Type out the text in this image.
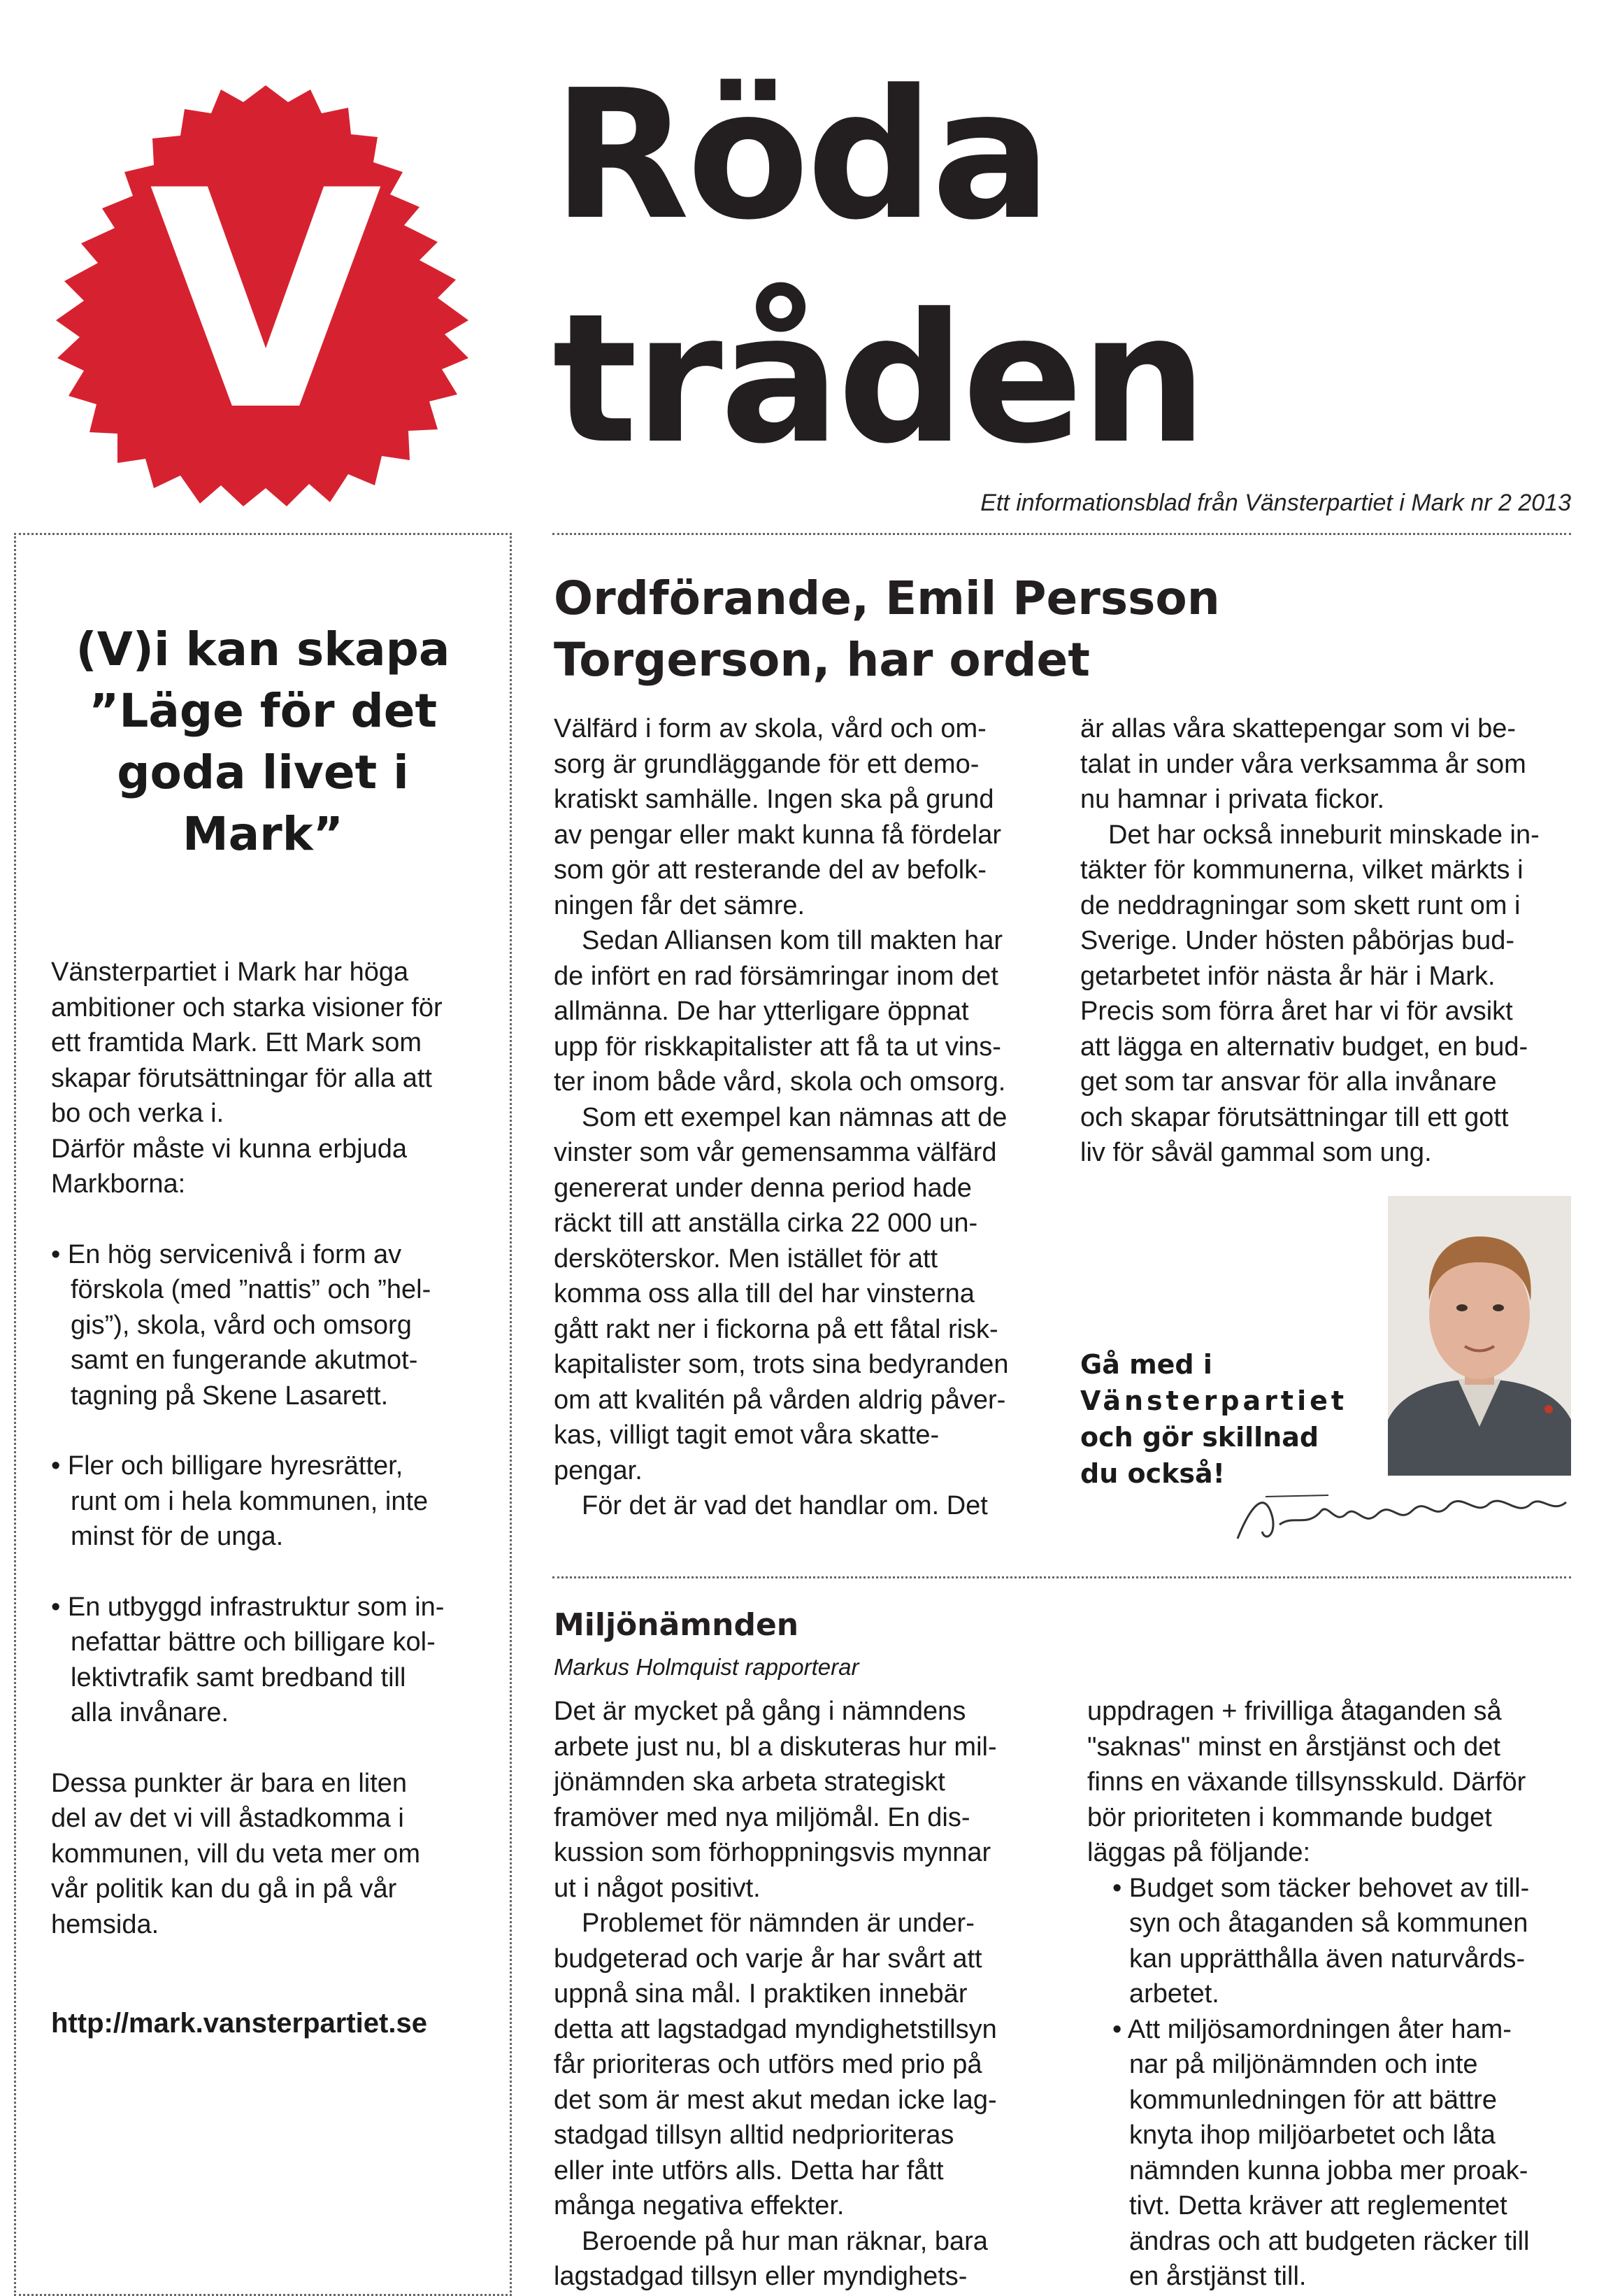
V Röda
tråden
Ett informationsblad från Vänsterpartiet i Mark nr 2 2013
(V)i kan skapa
”Läge för det
goda livet i
Mark”

Vänsterpartiet i Mark har höga

ambitioner och starka visioner för

ett framtida Mark. Ett Mark som

skapar förutsättningar för alla att

bo och verka i.

Därför måste vi kunna erbjuda

Markborna:

• En hög servicenivå i form av

förskola (med ”nattis” och ”hel-

gis”), skola, vård och omsorg

samt en fungerande akutmot-

tagning på Skene Lasarett.

• Fler och billigare hyresrätter,

runt om i hela kommunen, inte

minst för de unga.

• En utbyggd infrastruktur som in-

nefattar bättre och billigare kol-

lektivtrafik samt bredband till

alla invånare.

Dessa punkter är bara en liten

del av det vi vill åstadkomma i

kommunen, vill du veta mer om

vår politik kan du gå in på vår

hemsida.

http://mark.vansterpartiet.se
Ordförande, Emil Persson
Torgerson, har ordet

Välfärd i form av skola, vård och om-

sorg är grundläggande för ett demo-

kratiskt samhälle. Ingen ska på grund

av pengar eller makt kunna få fördelar

som gör att resterande del av befolk-

ningen får det sämre.

Sedan Alliansen kom till makten har

de infört en rad försämringar inom det

allmänna. De har ytterligare öppnat

upp för riskkapitalister att få ta ut vins-

ter inom både vård, skola och omsorg.

Som ett exempel kan nämnas att de

vinster som vår gemensamma välfärd

genererat under denna period hade

räckt till att anställa cirka 22 000 un-

dersköterskor. Men istället för att

komma oss alla till del har vinsterna

gått rakt ner i fickorna på ett fåtal risk-

kapitalister som, trots sina bedyranden

om att kvalitén på vården aldrig påver-

kas, villigt tagit emot våra skatte-

pengar.

För det är vad det handlar om. Det

är allas våra skattepengar som vi be-

talat in under våra verksamma år som

nu hamnar i privata fickor.

Det har också inneburit minskade in-

täkter för kommunerna, vilket märkts i

de neddragningar som skett runt om i

Sverige. Under hösten påbörjas bud-

getarbetet inför nästa år här i Mark.

Precis som förra året har vi för avsikt

att lägga en alternativ budget, en bud-

get som tar ansvar för alla invånare

och skapar förutsättningar till ett gott

liv för såväl gammal som ung.

Gå med i
Vänsterpartiet
och gör skillnad
du också!
Miljönämnden
Markus Holmquist rapporterar

Det är mycket på gång i nämndens

arbete just nu, bl a diskuteras hur mil-

jönämnden ska arbeta strategiskt

framöver med nya miljömål. En dis-

kussion som förhoppningsvis mynnar

ut i något positivt.

Problemet för nämnden är under-

budgeterad och varje år har svårt att

uppnå sina mål. I praktiken innebär

detta att lagstadgad myndighetstillsyn

får prioriteras och utförs med prio på

det som är mest akut medan icke lag-

stadgad tillsyn alltid nedprioriteras

eller inte utförs alls. Detta har fått

många negativa effekter.

Beroende på hur man räknar, bara

lagstadgad tillsyn eller myndighets-

uppdragen + frivilliga åtaganden så

"saknas" minst en årstjänst och det

finns en växande tillsynsskuld. Därför

bör prioriteten i kommande budget

läggas på följande:

• Budget som täcker behovet av till-

syn och åtaganden så kommunen

kan upprätthålla även naturvårds-

arbetet.

• Att miljösamordningen åter ham-

nar på miljönämnden och inte

kommunledningen för att bättre

knyta ihop miljöarbetet och låta

nämnden kunna jobba mer proak-

tivt. Detta kräver att reglementet

ändras och att budgeten räcker till

en årstjänst till.
